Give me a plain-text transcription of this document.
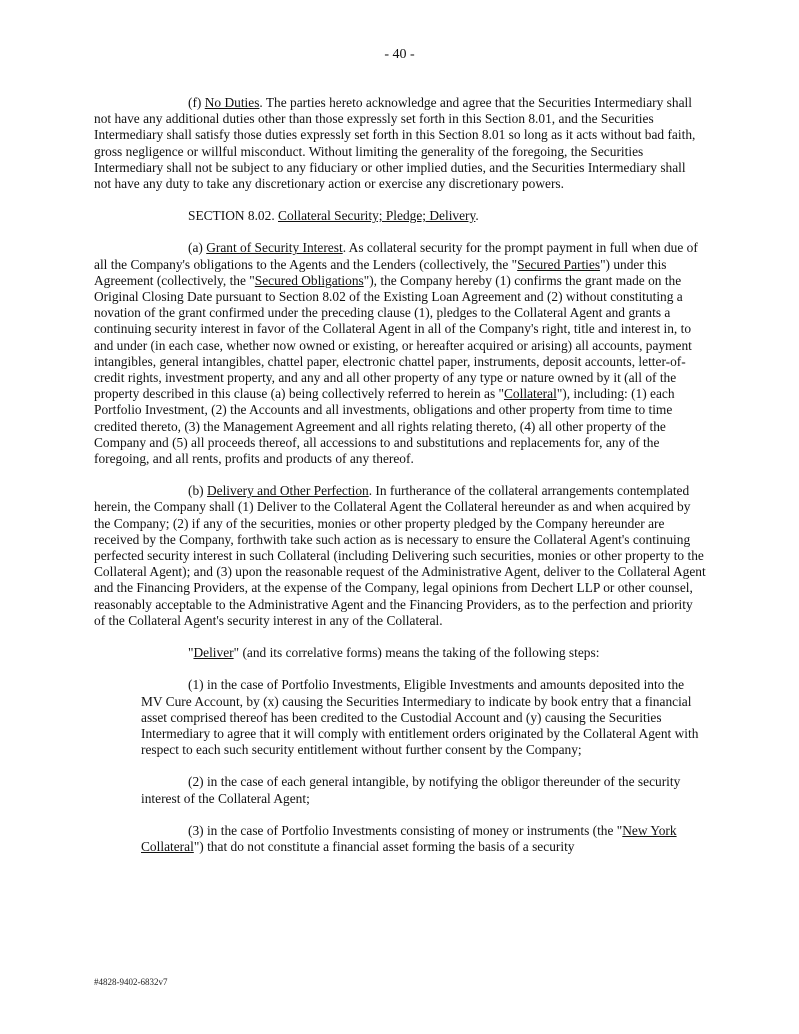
- 40 -

(f) No Duties. The parties hereto acknowledge and agree that the Securities Intermediary shall not have any additional duties other than those expressly set forth in this Section 8.01, and the Securities Intermediary shall satisfy those duties expressly set forth in this Section 8.01 so long as it acts without bad faith, gross negligence or willful misconduct. Without limiting the generality of the foregoing, the Securities Intermediary shall not be subject to any fiduciary or other implied duties, and the Securities Intermediary shall not have any duty to take any discretionary action or exercise any discretionary powers.

SECTION 8.02. Collateral Security; Pledge; Delivery.

(a) Grant of Security Interest. As collateral security for the prompt payment in full when due of all the Company's obligations to the Agents and the Lenders (collectively, the "Secured Parties") under this Agreement (collectively, the "Secured Obligations"), the Company hereby (1) confirms the grant made on the Original Closing Date pursuant to Section 8.02 of the Existing Loan Agreement and (2) without constituting a novation of the grant confirmed under the preceding clause (1), pledges to the Collateral Agent and grants a continuing security interest in favor of the Collateral Agent in all of the Company's right, title and interest in, to and under (in each case, whether now owned or existing, or hereafter acquired or arising) all accounts, payment intangibles, general intangibles, chattel paper, electronic chattel paper, instruments, deposit accounts, letter-of-credit rights, investment property, and any and all other property of any type or nature owned by it (all of the property described in this clause (a) being collectively referred to herein as "Collateral"), including: (1) each Portfolio Investment, (2) the Accounts and all investments, obligations and other property from time to time credited thereto, (3) the Management Agreement and all rights relating thereto, (4) all other property of the Company and (5) all proceeds thereof, all accessions to and substitutions and replacements for, any of the foregoing, and all rents, profits and products of any thereof.

(b) Delivery and Other Perfection. In furtherance of the collateral arrangements contemplated herein, the Company shall (1) Deliver to the Collateral Agent the Collateral hereunder as and when acquired by the Company; (2) if any of the securities, monies or other property pledged by the Company hereunder are received by the Company, forthwith take such action as is necessary to ensure the Collateral Agent's continuing perfected security interest in such Collateral (including Delivering such securities, monies or other property to the Collateral Agent); and (3) upon the reasonable request of the Administrative Agent, deliver to the Collateral Agent and the Financing Providers, at the expense of the Company, legal opinions from Dechert LLP or other counsel, reasonably acceptable to the Administrative Agent and the Financing Providers, as to the perfection and priority of the Collateral Agent's security interest in any of the Collateral.

"Deliver" (and its correlative forms) means the taking of the following steps:

(1) in the case of Portfolio Investments, Eligible Investments and amounts deposited into the MV Cure Account, by (x) causing the Securities Intermediary to indicate by book entry that a financial asset comprised thereof has been credited to the Custodial Account and (y) causing the Securities Intermediary to agree that it will comply with entitlement orders originated by the Collateral Agent with respect to each such security entitlement without further consent by the Company;

(2) in the case of each general intangible, by notifying the obligor thereunder of the security interest of the Collateral Agent;

(3) in the case of Portfolio Investments consisting of money or instruments (the "New York Collateral") that do not constitute a financial asset forming the basis of a security

#4828-9402-6832v7
